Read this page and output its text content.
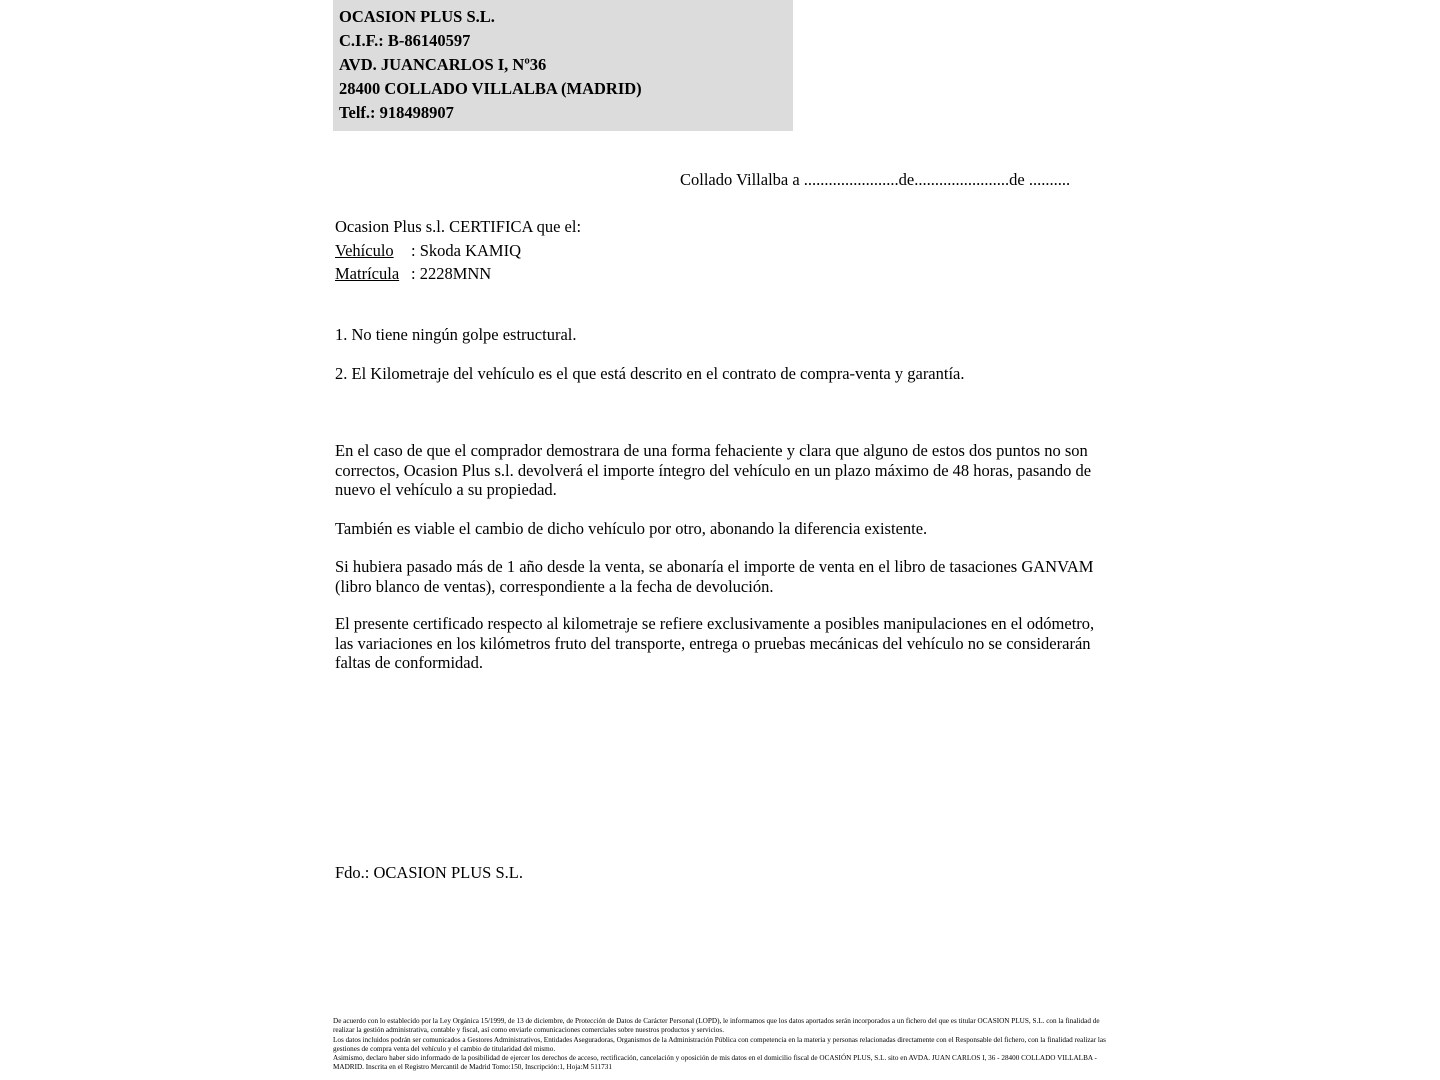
OCASION PLUS S.L.
C.I.F.: B-86140597
AVD. JUANCARLOS I, Nº36
28400 COLLADO VILLALBA (MADRID)
Telf.: 918498907
Collado Villalba a .......................de.......................de ..........
Ocasion Plus s.l. CERTIFICA que el:
Vehículo : Skoda KAMIQ
Matrícula : 2228MNN
1. No tiene ningún golpe estructural.
2. El Kilometraje del vehículo es el que está descrito en el contrato de compra-venta y garantía.
En el caso de que el comprador demostrara de una forma fehaciente y clara que alguno de estos dos puntos no son correctos, Ocasion Plus s.l. devolverá el importe íntegro del vehículo en un plazo máximo de 48 horas, pasando de nuevo el vehículo a su propiedad.
También es viable el cambio de dicho vehículo por otro, abonando la diferencia existente.
Si hubiera pasado más de 1 año desde la venta, se abonaría el importe de venta en el libro de tasaciones GANVAM (libro blanco de ventas), correspondiente a la fecha de devolución.
El presente certificado respecto al kilometraje se refiere exclusivamente a posibles manipulaciones en el odómetro, las variaciones en los kilómetros fruto del transporte, entrega o pruebas mecánicas del vehículo no se considerarán faltas de conformidad.
Fdo.: OCASION PLUS S.L.

De acuerdo con lo establecido por la Ley Orgánica 15/1999, de 13 de diciembre, de Protección de Datos de Carácter Personal (LOPD), le informamos que los datos aportados serán incorporados a un fichero del que es titular OCASION PLUS, S.L. con la finalidad de realizar la gestión administrativa, contable y fiscal, así como enviarle comunicaciones comerciales sobre nuestros productos y servicios.

Los datos incluidos podrán ser comunicados a Gestores Administrativos, Entidades Aseguradoras, Organismos de la Administración Pública con competencia en la materia y personas relacionadas directamente con el Responsable del fichero, con la finalidad realizar las gestiones de compra venta del vehículo y el cambio de titularidad del mismo.

Asimismo, declaro haber sido informado de la posibilidad de ejercer los derechos de acceso, rectificación, cancelación y oposición de mis datos en el domicilio fiscal de OCASIÓN PLUS, S.L. sito en AVDA. JUAN CARLOS I, 36 - 28400 COLLADO VILLALBA - MADRID. Inscrita en el Registro Mercantil de Madrid Tomo:150, Inscripción:1, Hoja:M 511731
